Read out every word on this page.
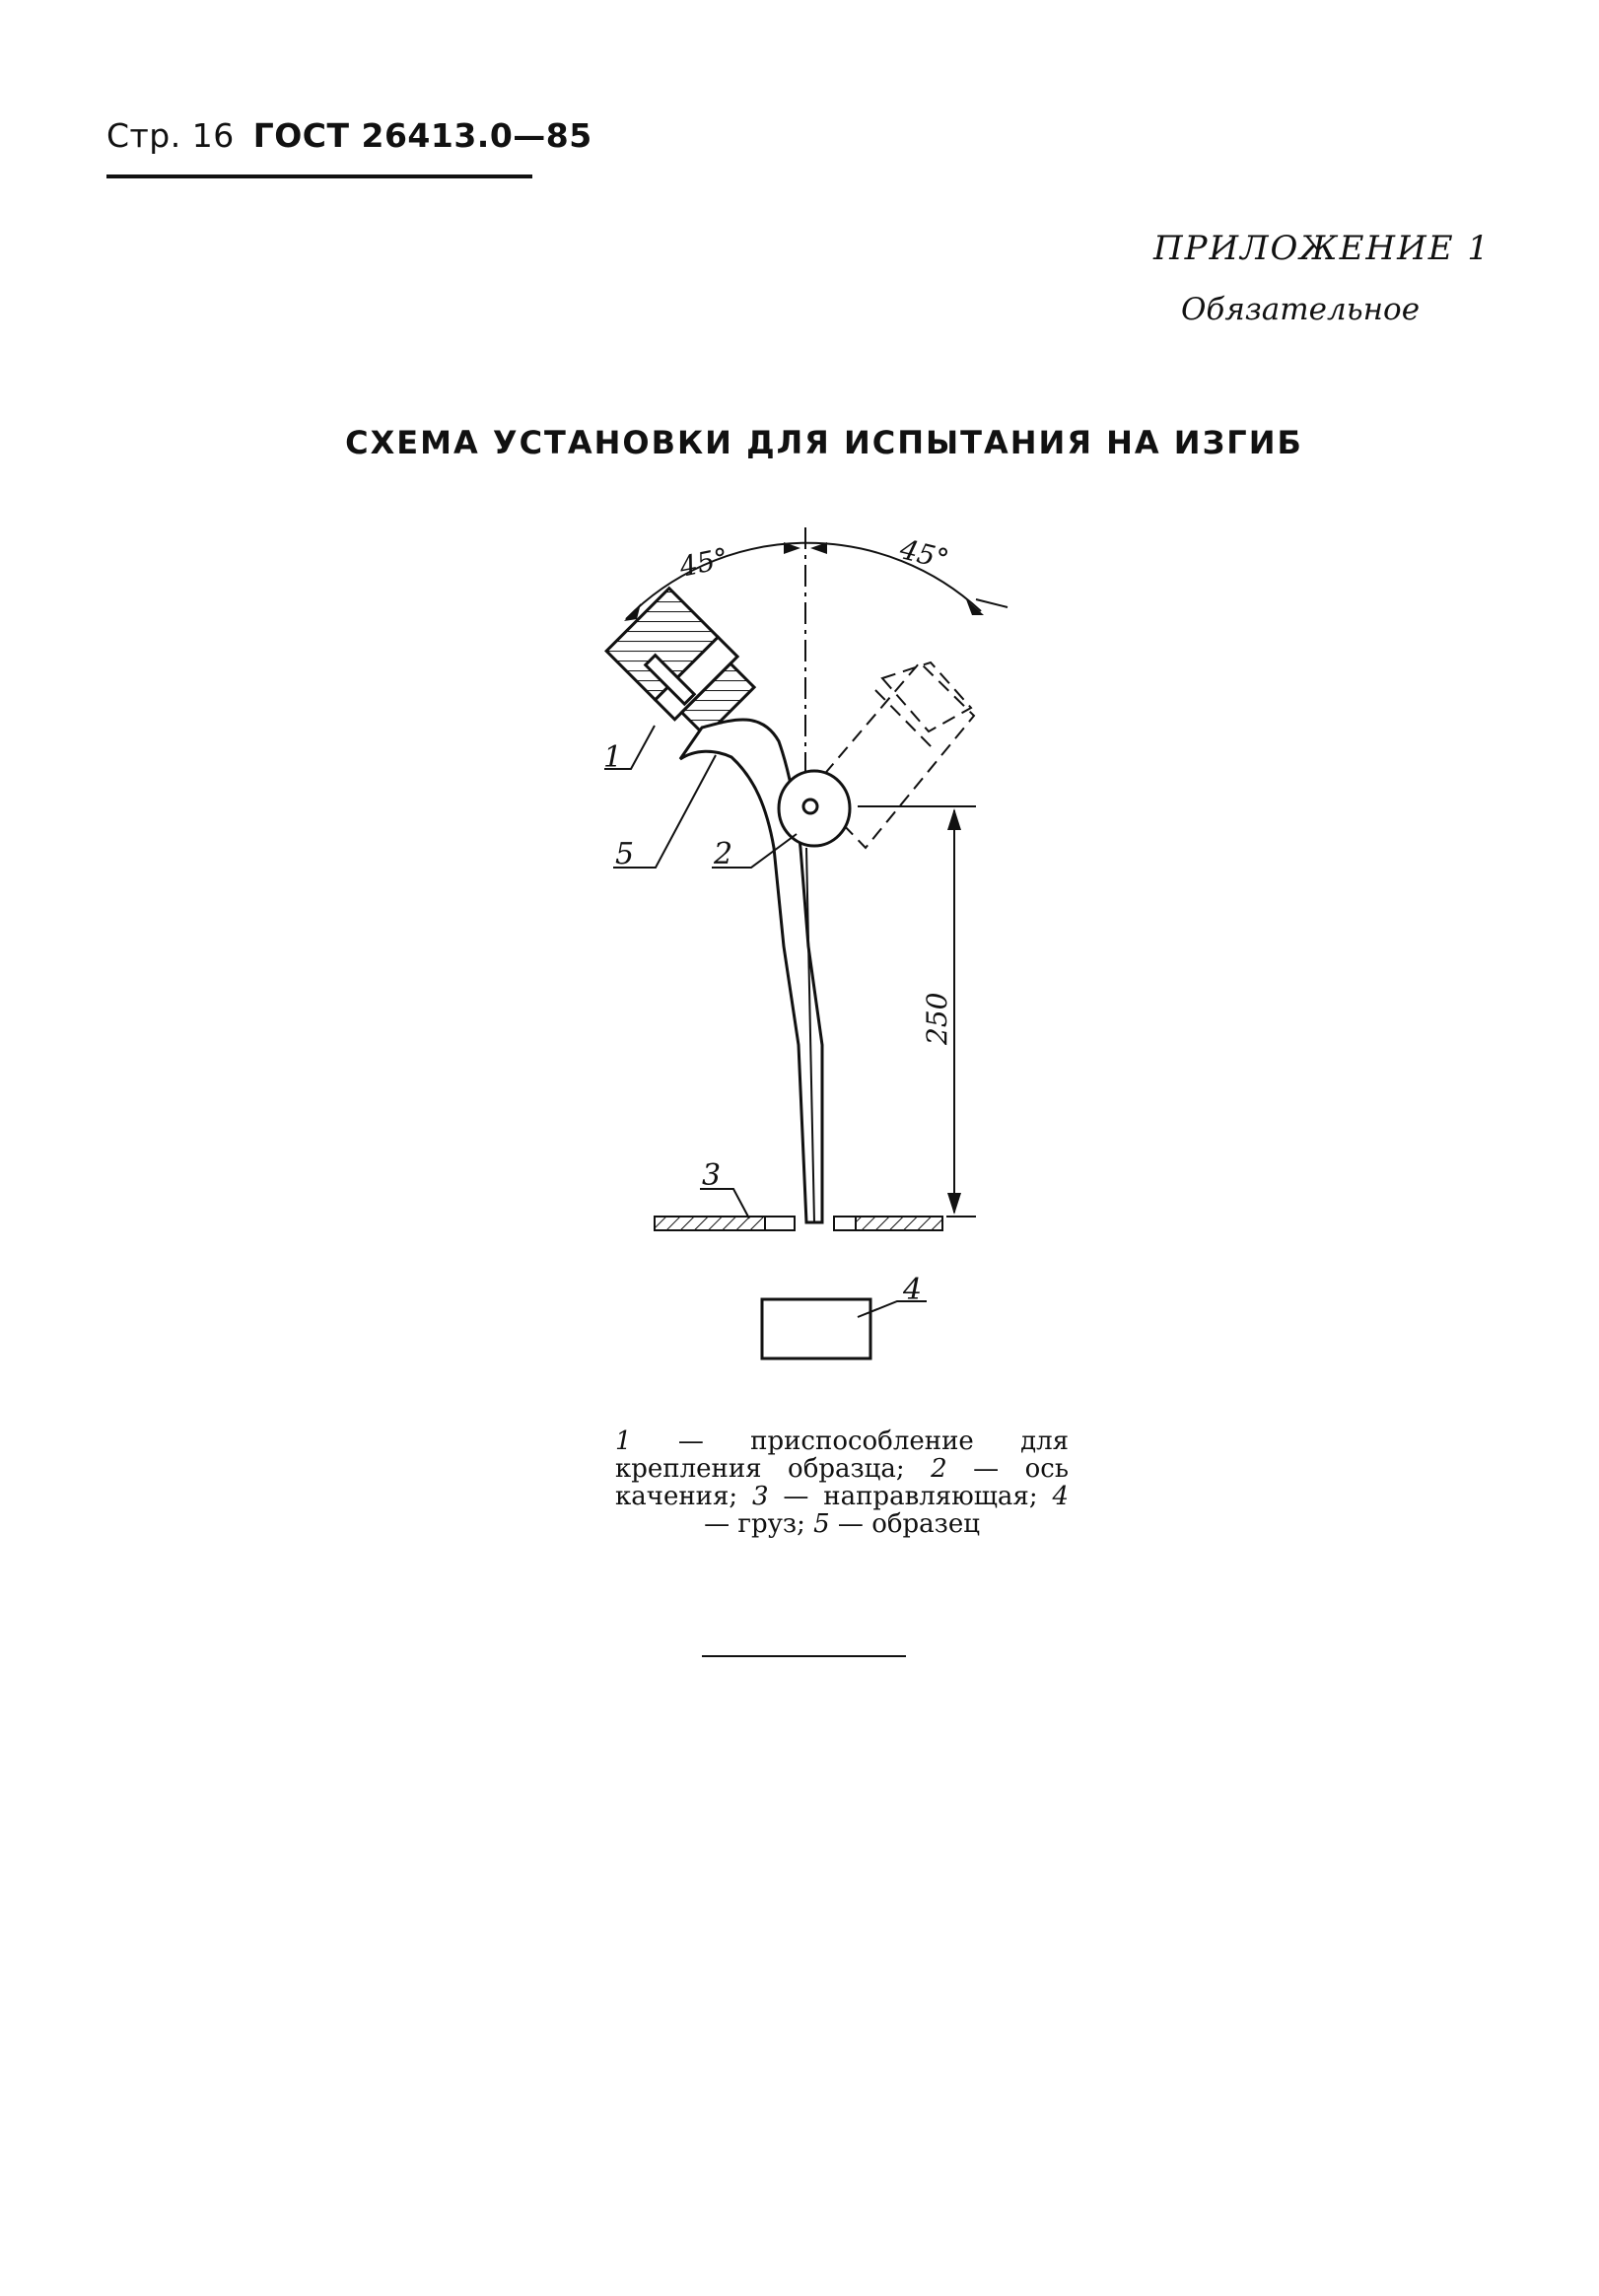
Стр. 16 ГОСТ 26413.0—85
ПРИЛОЖЕНИЕ 1
Обязательное
СХЕМА УСТАНОВКИ ДЛЯ ИСПЫТАНИЯ НА ИЗГИБ
45°	45°
250
1
5	2
3
4
1 — приспособление для крепления образца; 2 — ось качения; 3 — направляющая; 4 — груз; 5 — образец
